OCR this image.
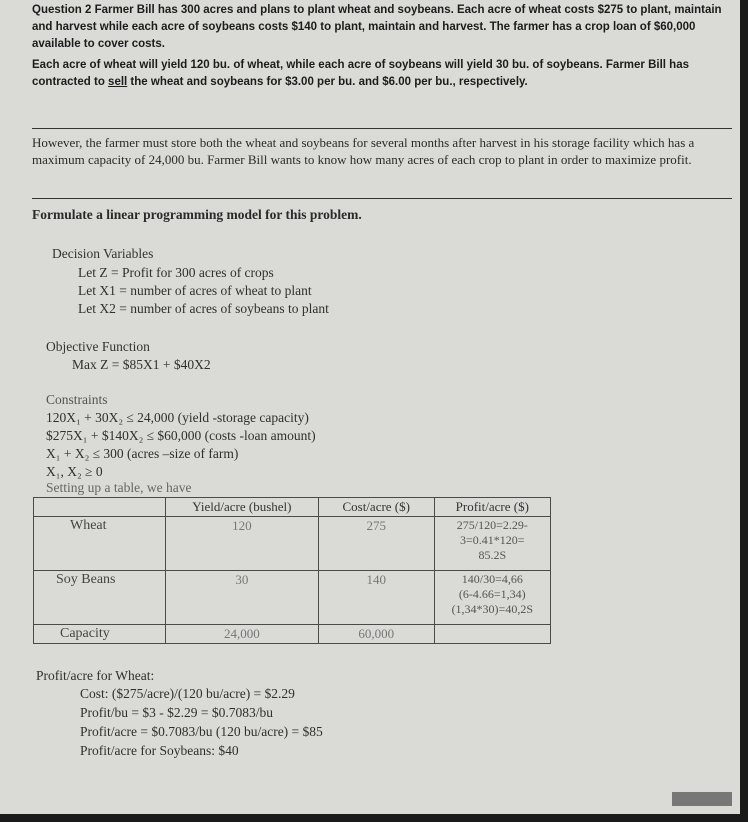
Question 2 Farmer Bill has 300 acres and plans to plant wheat and soybeans. Each acre of wheat costs $275 to plant, maintain and harvest while each acre of soybeans costs $140 to plant, maintain and harvest. The farmer has a crop loan of $60,000 available to cover costs.

Each acre of wheat will yield 120 bu. of wheat, while each acre of soybeans will yield 30 bu. of soybeans. Farmer Bill has contracted to sell the wheat and soybeans for $3.00 per bu. and $6.00 per bu., respectively.

However, the farmer must store both the wheat and soybeans for several months after harvest in his storage facility which has a maximum capacity of 24,000 bu. Farmer Bill wants to know how many acres of each crop to plant in order to maximize profit.
Formulate a linear programming model for this problem.
Decision Variables
Let Z = Profit for 300 acres of crops
Let X1 = number of acres of wheat to plant
Let X2 = number of acres of soybeans to plant
Objective Function
Max Z = $85X1 + $40X2
Constraints
120X₁ + 30X₂ ≤ 24,000 (yield -storage capacity)
$275X₁ + $140X₂ ≤ $60,000 (costs -loan amount)
X₁ + X₂ ≤ 300 (acres –size of farm)
X₁, X₂ ≥ 0
Setting up a table, we have
	Yield/acre (bushel)	Cost/acre ($)	Profit/acre ($)
Wheat	120	275	275/120=2.29-
3=0.41*120=
85.2S

Soy Beans	30	140	140/30=4,66
(6-4.66=1,34)
(1,34*30)=40,2S

Capacity	24,000	60,000	
Profit/acre for Wheat:
Cost: ($275/acre)/(120 bu/acre) = $2.29
Profit/bu = $3 - $2.29 = $0.7083/bu
Profit/acre = $0.7083/bu (120 bu/acre) = $85
Profit/acre for Soybeans: $40
